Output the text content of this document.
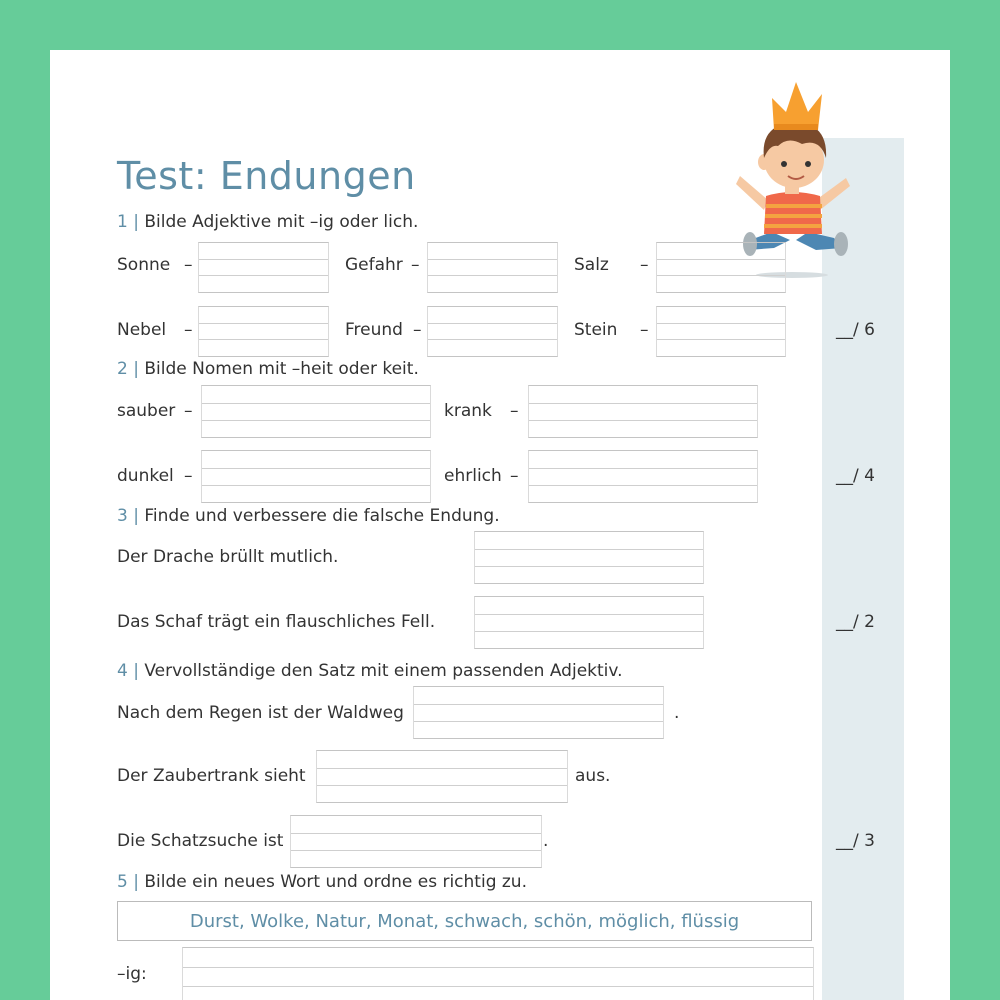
Test: Endungen
1 | Bilde Adjektive mit –ig oder lich.
Sonne –	Gefahr –	Salz –
Nebel –	Freund –	Stein –	__/ 6
2 | Bilde Nomen mit –heit oder keit.
sauber –	krank –
dunkel –	ehrlich –	__/ 4
3 | Finde und verbessere die falsche Endung.
Der Drache brüllt mutlich.
Das Schaf trägt ein flauschliches Fell.	__/ 2
4 | Vervollständige den Satz mit einem passenden Adjektiv.
Nach dem Regen ist der Waldweg	.
Der Zaubertrank sieht	aus.
Die Schatzsuche ist	.	__/ 3
5 | Bilde ein neues Wort und ordne es richtig zu.
Durst, Wolke, Natur, Monat, schwach, schön, möglich, flüssig
–ig:
